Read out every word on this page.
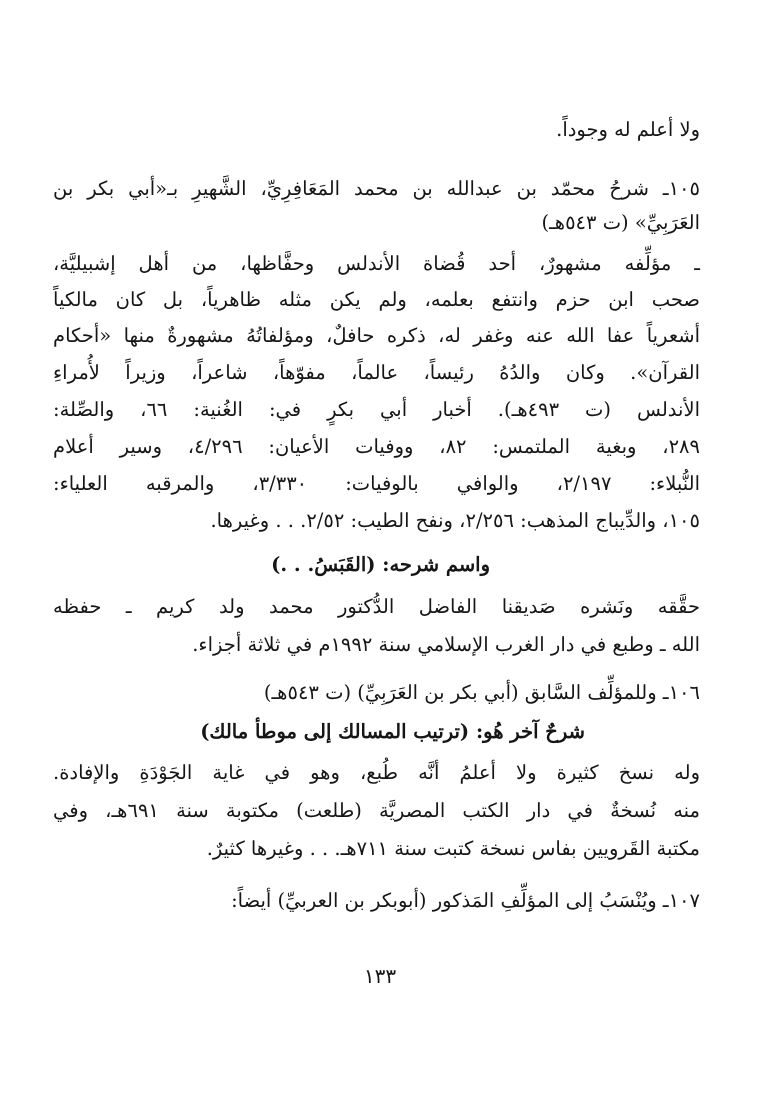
ولا أعلم له وجوداً.
١٠٥ـ شرحُ محمّد بن عبدالله بن محمد المَعَافِرِيِّ، الشَّهيرِ بـ«أبي بكر بن
العَرَبِيِّ» (ت ٥٤٣هـ)
ـ مؤلِّفه مشهورٌ، أحد قُضاة الأندلس وحفَّاظها، من أهل إشبيليَّة،
صحب ابن حزم وانتفع بعلمه، ولم يكن مثله ظاهرياً، بل كان مالكياً
أشعرياً عفا الله عنه وغفر له، ذكره حافلٌ، ومؤلفاتُهُ مشهورةٌ منها «أحكام
القرآن». وكان والدُهُ رئيساً، عالماً، مفوّهاً، شاعراً، وزيراً لأُمراءِ
الأندلس (ت ٤٩٣هـ). أخبار أبي بكرٍ في: الغُنية: ٦٦، والصِّلة:
٢٨٩، وبغية الملتمس: ٨٢، ووفيات الأعيان: ٤/٢٩٦، وسير أعلام
النُّبلاء: ٢/١٩٧، والوافي بالوفيات: ٣/٣٣٠، والمرقبه العلياء:
١٠٥، والدِّيباج المذهب: ٢/٢٥٦، ونفح الطيب: ٢/٥٢. . . وغيرها.
واسم شرحه: (القَبَسُ. . .)
حقَّقه ونَشره صَديقنا الفاضل الدُّكتور محمد ولد كريم ـ حفظه
الله ـ وطبع في دار الغرب الإسلامي سنة ١٩٩٢م في ثلاثة أجزاء.
١٠٦ـ وللمؤلِّف السَّابق (أبي بكر بن العَرَبِيِّ) (ت ٥٤٣هـ)
شرحٌ آخر هُو: (ترتيب المسالك إلى موطأ مالك)
وله نسخ كثيرة ولا أعلمُ أنَّه طُبع، وهو في غاية الجَوْدَةِ والإفادة.
منه نُسخةٌ في دار الكتب المصريَّة (طلعت) مكتوبة سنة ٦٩١هـ، وفي
مكتبة القَرويين بفاس نسخة كتبت سنة ٧١١هـ. . . وغيرها كثيرٌ.
١٠٧ـ ويُنْسَبُ إلى المؤلِّفِ المَذكور (أبوبكر بن العربيِّ) أيضاً:
١٣٣
